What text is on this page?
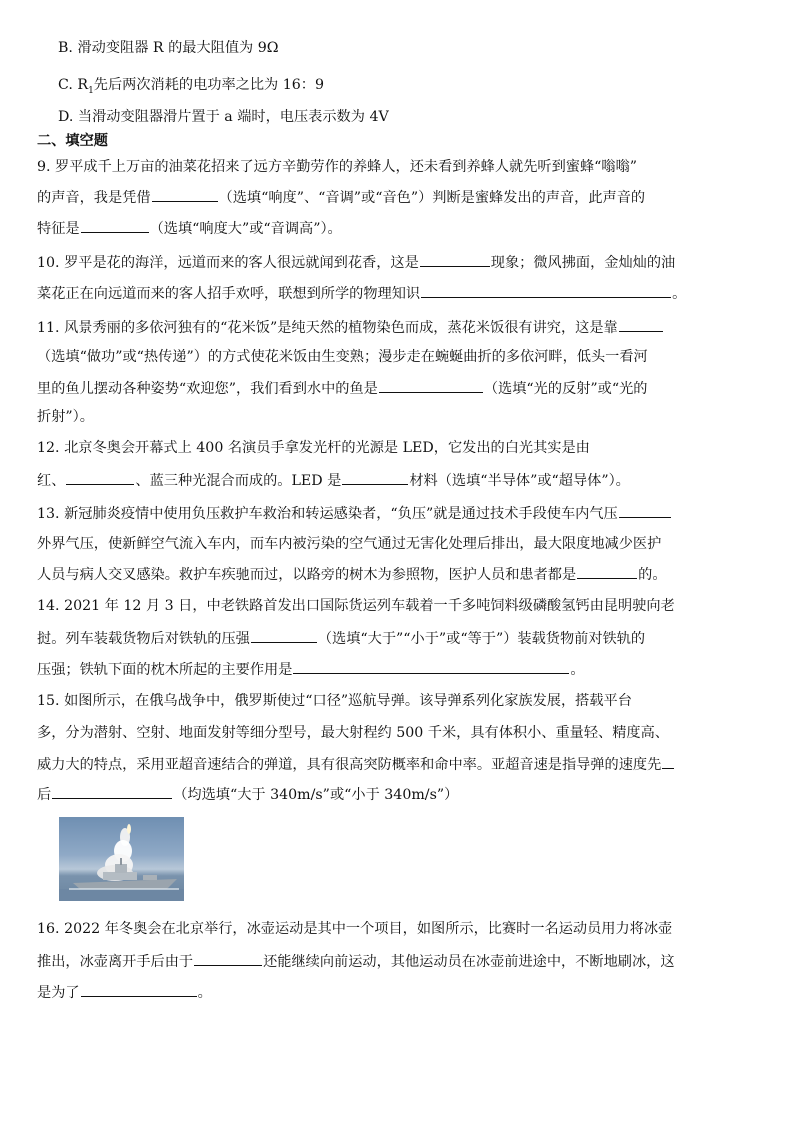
B. 滑动变阻器 R 的最大阻值为 9Ω
C. $R_1$先后两次消耗的电功率之比为 16：9
D. 当滑动变阻器滑片置于 a 端时，电压表示数为 4V
二、填空题
9. 罗平成千上万亩的油菜花招来了远方辛勤劳作的养蜂人，还未看到养蜂人就先听到蜜蜂“嗡嗡”
的声音，我是凭借	（选填“响度”、“音调”或“音色”）判断是蜜蜂发出的声音，此声音的
特征是	（选填“响度大”或“音调高”）。
10. 罗平是花的海洋，远道而来的客人很远就闻到花香，这是	现象；微风拂面，金灿灿的油
菜花正在向远道而来的客人招手欢呼，联想到所学的物理知识	。
11. 风景秀丽的多依河独有的“花米饭”是纯天然的植物染色而成，蒸花米饭很有讲究，这是靠
（选填“做功”或“热传递”）的方式使花米饭由生变熟；漫步走在蜿蜒曲折的多依河畔，低头一看河
里的鱼儿摆动各种姿势“欢迎您”，我们看到水中的鱼是	（选填“光的反射”或“光的
折射”）。
12. 北京冬奥会开幕式上 400 名演员手拿发光杆的光源是 LED，它发出的白光其实是由
红、	、蓝三种光混合而成的。LED 是	材料（选填“半导体”或“超导体”）。
13. 新冠肺炎疫情中使用负压救护车救治和转运感染者，“负压”就是通过技术手段使车内气压
外界气压，使新鲜空气流入车内，而车内被污染的空气通过无害化处理后排出，最大限度地减少医护
人员与病人交叉感染。救护车疾驰而过，以路旁的树木为参照物，医护人员和患者都是	的。
14. 2021 年 12 月 3 日，中老铁路首发出口国际货运列车载着一千多吨饲料级磷酸氢钙由昆明驶向老
挝。列车装载货物后对铁轨的压强	（选填“大于”“小于”或“等于”）装载货物前对铁轨的
压强；铁轨下面的枕木所起的主要作用是	。
15. 如图所示，在俄乌战争中，俄罗斯使过“口径”巡航导弹。该导弹系列化家族发展，搭载平台
多，分为潜射、空射、地面发射等细分型号，最大射程约 500 千米，具有体积小、重量轻、精度高、
威力大的特点，采用亚超音速结合的弹道，具有很高突防概率和命中率。亚超音速是指导弹的速度先
后	（均选填“大于 340m/s”或“小于 340m/s”）
16. 2022 年冬奥会在北京举行，冰壶运动是其中一个项目，如图所示，比赛时一名运动员用力将冰壶
推出，冰壶离开手后由于	还能继续向前运动，其他运动员在冰壶前进途中，不断地刷冰，这
是为了	。
